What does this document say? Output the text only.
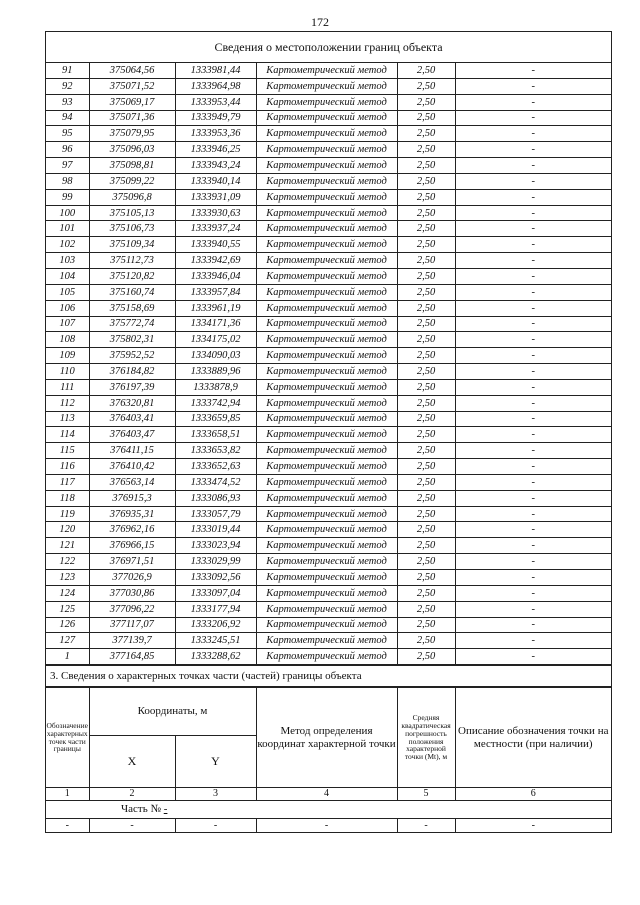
172
Сведения о местоположении границ объекта
91	375064,56	1333981,44	Картометрический метод	2,50	-
92	375071,52	1333964,98	Картометрический метод	2,50	-
93	375069,17	1333953,44	Картометрический метод	2,50	-
94	375071,36	1333949,79	Картометрический метод	2,50	-
95	375079,95	1333953,36	Картометрический метод	2,50	-
96	375096,03	1333946,25	Картометрический метод	2,50	-
97	375098,81	1333943,24	Картометрический метод	2,50	-
98	375099,22	1333940,14	Картометрический метод	2,50	-
99	375096,8	1333931,09	Картометрический метод	2,50	-
100	375105,13	1333930,63	Картометрический метод	2,50	-
101	375106,73	1333937,24	Картометрический метод	2,50	-
102	375109,34	1333940,55	Картометрический метод	2,50	-
103	375112,73	1333942,69	Картометрический метод	2,50	-
104	375120,82	1333946,04	Картометрический метод	2,50	-
105	375160,74	1333957,84	Картометрический метод	2,50	-
106	375158,69	1333961,19	Картометрический метод	2,50	-
107	375772,74	1334171,36	Картометрический метод	2,50	-
108	375802,31	1334175,02	Картометрический метод	2,50	-
109	375952,52	1334090,03	Картометрический метод	2,50	-
110	376184,82	1333889,96	Картометрический метод	2,50	-
111	376197,39	1333878,9	Картометрический метод	2,50	-
112	376320,81	1333742,94	Картометрический метод	2,50	-
113	376403,41	1333659,85	Картометрический метод	2,50	-
114	376403,47	1333658,51	Картометрический метод	2,50	-
115	376411,15	1333653,82	Картометрический метод	2,50	-
116	376410,42	1333652,63	Картометрический метод	2,50	-
117	376563,14	1333474,52	Картометрический метод	2,50	-
118	376915,3	1333086,93	Картометрический метод	2,50	-
119	376935,31	1333057,79	Картометрический метод	2,50	-
120	376962,16	1333019,44	Картометрический метод	2,50	-
121	376966,15	1333023,94	Картометрический метод	2,50	-
122	376971,51	1333029,99	Картометрический метод	2,50	-
123	377026,9	1333092,56	Картометрический метод	2,50	-
124	377030,86	1333097,04	Картометрический метод	2,50	-
125	377096,22	1333177,94	Картометрический метод	2,50	-
126	377117,07	1333206,92	Картометрический метод	2,50	-
127	377139,7	1333245,51	Картометрический метод	2,50	-
1	377164,85	1333288,62	Картометрический метод	2,50	-
3. Сведения о характерных точках части (частей) границы объекта
Обозначение характерных точек части границы	Координаты, м		Метод определения координат характерной точки	Средняя квадратическая погрешность положения характерной точки (Мt), м	Описание обозначения точки на местности (при наличии)
	X	Y			
1	2	3	4	5	6
Часть № -					
-	-	-	-	-	-
